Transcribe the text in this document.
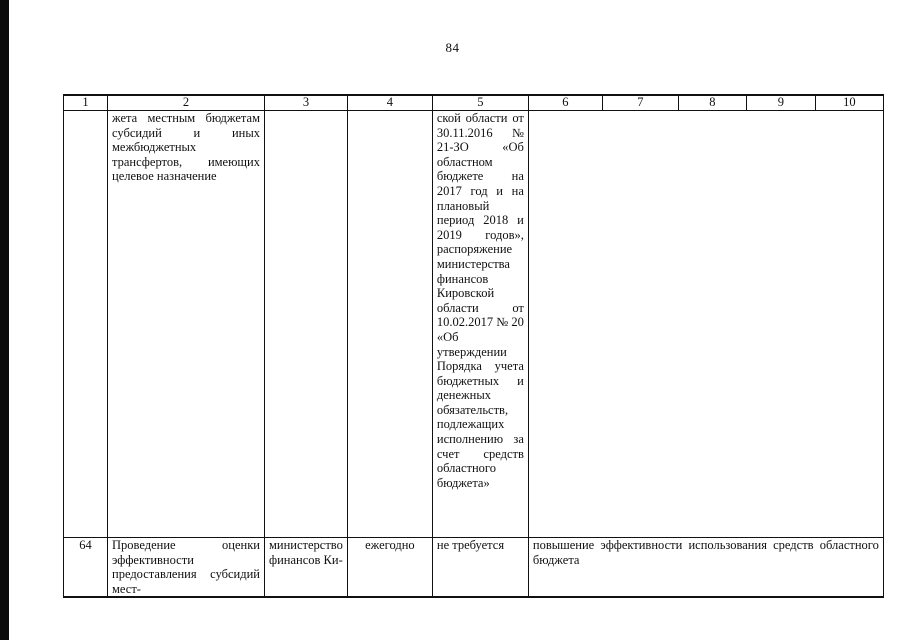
84
1	2	3	4	5	6	7	8	9	10
	жета местным бюджетам субсидий и иных межбюджетных трансфертов, имеющих целевое назначение			ской области от 30.11.2016 № 21-ЗО «Об областном бюджете на 2017 год и на плановый период 2018 и 2019 годов», распоряжение министерства финансов Кировской области от 10.02.2017 № 20 «Об утверждении Порядка учета бюджетных и денежных обязательств, подлежащих исполнению за счет средств областного бюджета»					
64	Проведение оценки эффективности предоставления субсидий мест-	министерство финансов Ки-	ежегодно	не требуется	повышение эффективности использования средств областного бюджета				
